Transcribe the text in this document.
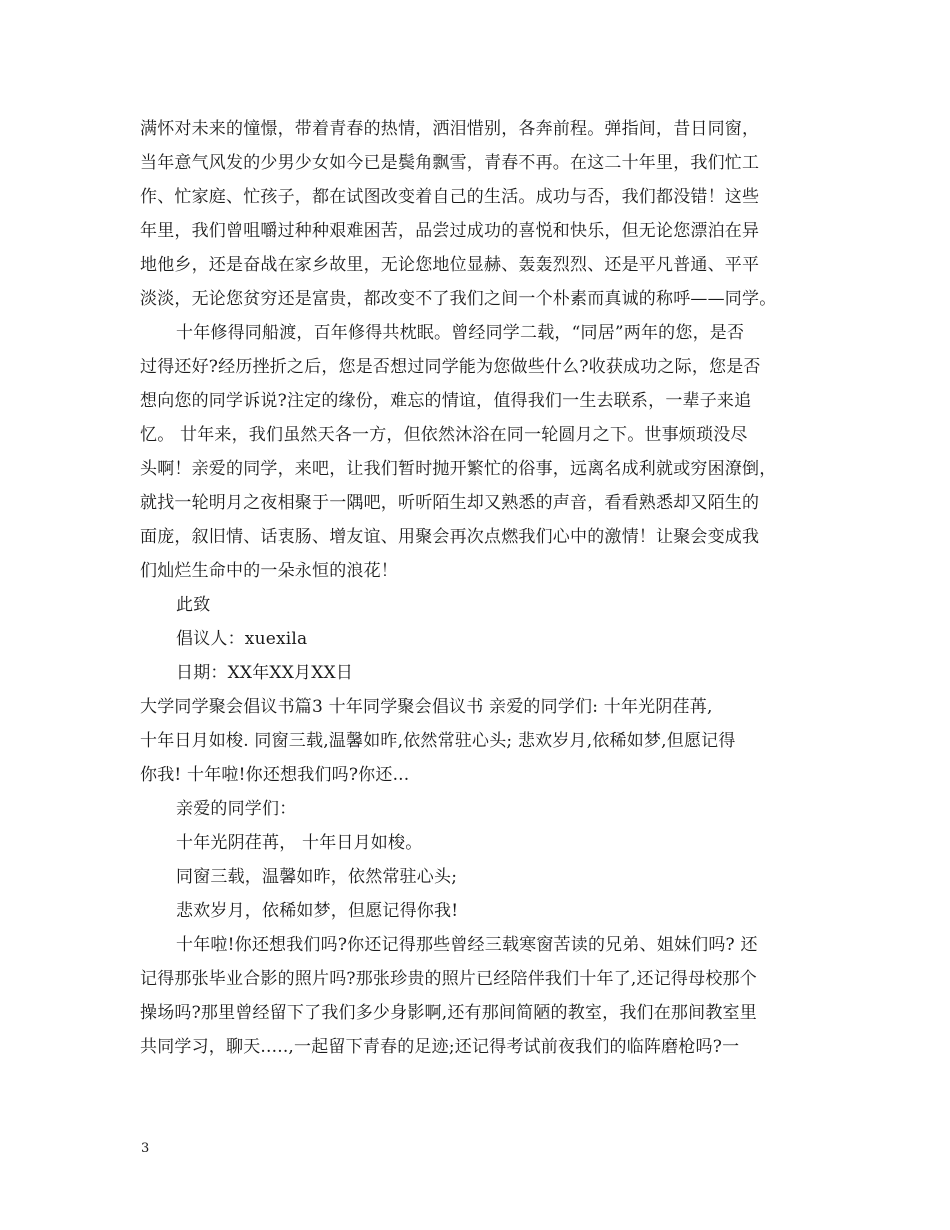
满怀对未来的憧憬，带着青春的热情，洒泪惜别，各奔前程。弹指间，昔日同窗，
当年意气风发的少男少女如今已是鬓角飘雪，青春不再。在这二十年里，我们忙工
作、忙家庭、忙孩子，都在试图改变着自己的生活。成功与否，我们都没错！这些
年里，我们曾咀嚼过种种艰难困苦，品尝过成功的喜悦和快乐，但无论您漂泊在异
地他乡，还是奋战在家乡故里，无论您地位显赫、轰轰烈烈、还是平凡普通、平平
淡淡，无论您贫穷还是富贵，都改变不了我们之间一个朴素而真诚的称呼——同学。
十年修得同船渡，百年修得共枕眠。曾经同学二载，“同居”两年的您，是否
过得还好?经历挫折之后，您是否想过同学能为您做些什么?收获成功之际，您是否
想向您的同学诉说?注定的缘份，难忘的情谊，值得我们一生去联系，一辈子来追
忆。 廿年来，我们虽然天各一方，但依然沐浴在同一轮圆月之下。世事烦琐没尽
头啊！亲爱的同学，来吧，让我们暂时抛开繁忙的俗事，远离名成利就或穷困潦倒，
就找一轮明月之夜相聚于一隅吧，听听陌生却又熟悉的声音，看看熟悉却又陌生的
面庞，叙旧情、话衷肠、增友谊、用聚会再次点燃我们心中的激情！让聚会变成我
们灿烂生命中的一朵永恒的浪花！
此致
倡议人：xuexila
日期：XX年XX月XX日
大学同学聚会倡议书篇3 十年同学聚会倡议书 亲爱的同学们: 十年光阴荏苒,
十年日月如梭. 同窗三载,温馨如昨,依然常驻心头; 悲欢岁月,依稀如梦,但愿记得
你我! 十年啦!你还想我们吗?你还...
亲爱的同学们：
十年光阴荏苒， 十年日月如梭。
同窗三载，温馨如昨，依然常驻心头;
悲欢岁月，依稀如梦，但愿记得你我!
十年啦!你还想我们吗?你还记得那些曾经三载寒窗苦读的兄弟、姐妹们吗? 还
记得那张毕业合影的照片吗?那张珍贵的照片已经陪伴我们十年了,还记得母校那个
操场吗?那里曾经留下了我们多少身影啊,还有那间简陋的教室，我们在那间教室里
共同学习，聊天.....,一起留下青春的足迹;还记得考试前夜我们的临阵磨枪吗?一
3
